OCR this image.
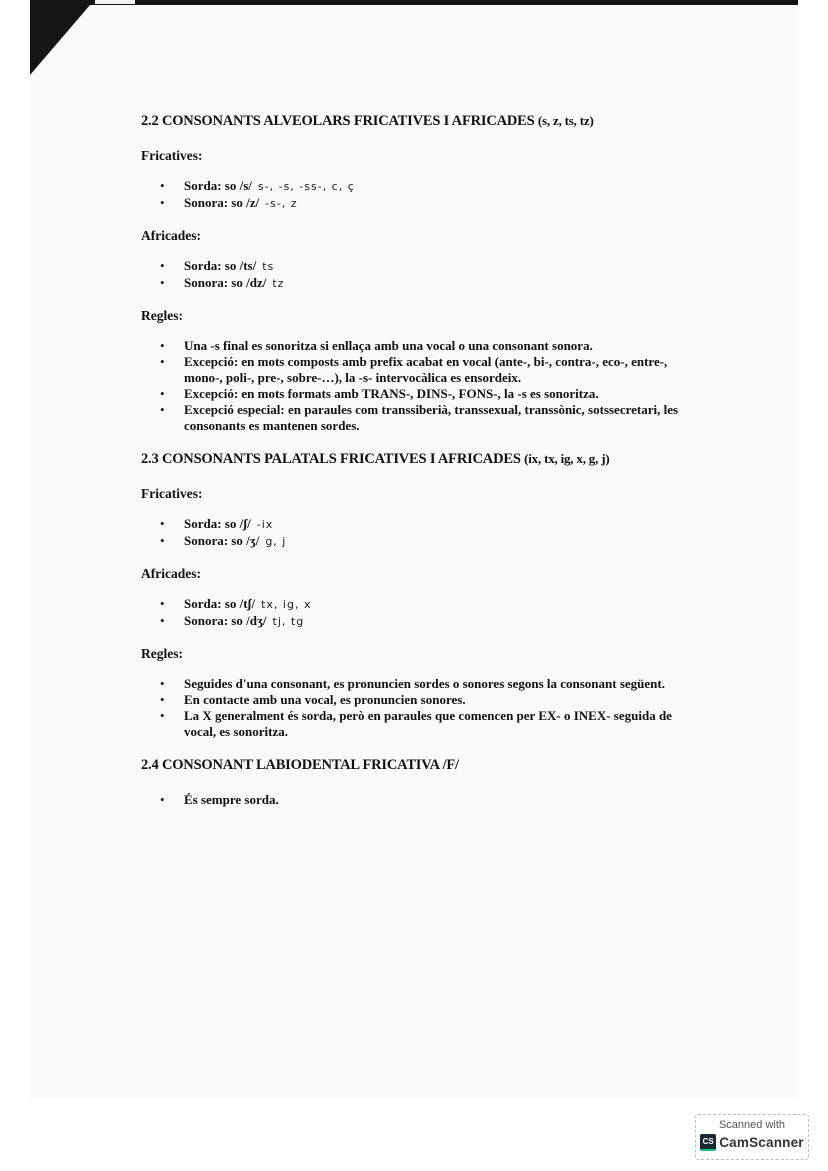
2.2 CONSONANTS ALVEOLARS FRICATIVES I AFRICADES (s, z, ts, tz)
Fricatives:
• Sorda: so /s/ s-, -s, -ss-, c, ç
• Sonora: so /z/ -s-, z
Africades:
• Sorda: so /ts/ ts
• Sonora: so /dz/ tz
Regles:
• Una -s final es sonoritza si enllaça amb una vocal o una consonant sonora.
• Excepció: en mots composts amb prefix acabat en vocal (ante-, bi-, contra-, eco-, entre-, mono-, poli-, pre-, sobre-…), la -s- intervocàlica es ensordeix.
• Excepció: en mots formats amb TRANS-, DINS-, FONS-, la -s es sonoritza.
• Excepció especial: en paraules com transsiberià, transsexual, transsònic, sotssecretari, les consonants es mantenen sordes.
2.3 CONSONANTS PALATALS FRICATIVES I AFRICADES (ix, tx, ig, x, g, j)
Fricatives:
• Sorda: so /ʃ/ -ix
• Sonora: so /ʒ/ g, j
Africades:
• Sorda: so /tʃ/ tx, ig, x
• Sonora: so /dʒ/ tj, tg
Regles:
• Seguides d'una consonant, es pronuncien sordes o sonores segons la consonant següent.
• En contacte amb una vocal, es pronuncien sonores.
• La X generalment és sorda, però en paraules que comencen per EX- o INEX- seguida de vocal, es sonoritza.
2.4 CONSONANT LABIODENTAL FRICATIVA /F/
• És sempre sorda.
Scanned with
CS CamScanner
